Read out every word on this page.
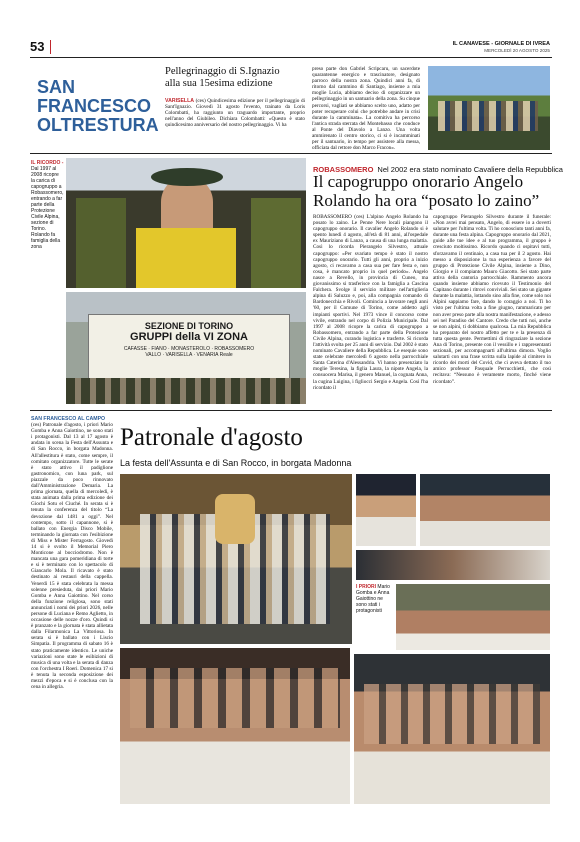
53	IL CANAVESE - GIORNALE DI IVREA
MERCOLEDÌ 20 AGOSTO 2025
SAN
FRANCESCO
OLTRESTURA
Pellegrinaggio di S.Ignazio
alla sua 15esima edizione
VARISELLA (ces) Quindicesima edizione per il pellegrinaggio di Sant'Ignazio. Giovedì 31 agosto l'evento, trainato da Loris Colombatti, ha raggiunto un traguardo importante, proprio nell'anno del Giubileo. Dichiara Colombatti: «Questo è stato quindicesimo anniversario del nostro pellegrinaggio. Vi ha
preso parte don Gabriel Scripcaru, un sacerdote quarantenne energico e trascinatore, designato parroco della nostra zona. Quindici anni fa, di ritorno dal cammino di Santiago, insieme a mia moglie Lucia, abbiamo deciso di organizzare un pellegrinaggio in un santuario della zona. Su cinque percorsi, vagliati se abbiamo scelto uno, adatto per poter recuperare colui che potrebbe andare in crisi durante la camminata». La comitiva ha percorso l'antica strada sterrata del Montebasso che conduce al Ponte del Diavolo a Lanzo. Una volta ammirenato il centro storico, ci si è incamminati per il santuario, in tempo per assistere alla messa, officiata dal rettore don Marco Fracon».
IL RICORDO - Dal 1997 al 2008 ricopre la carica di capogruppo a Robassomero, entrando a far parte della Protezione Civile Alpina, sezione di Torino. Rolando fa famiglia della zona
SEZIONE DI TORINO
GRUPPI della VI ZONA
CAFASSE · FIANO · MONASTEROLO · ROBASSOMERO
VALLO · VARISELLA · VENARIA Reale
ROBASSOMERO Nel 2002 era stato nominato Cavaliere della Repubblica
Il capogruppo onorario Angelo
Rolando ha ora “posato lo zaino”
ROBASSOMERO (ces) L'alpino Angelo Rolando ha posato lo zaino. Le Penne Nere locali piangono il capogruppo onorario. Il cavalier Angelo Rolando si è spento lunedì 4 agosto, all'età di 81 anni, all'ospedale ex Mauriziano di Lanzo, a causa di una lunga malattia. Così lo ricorda Pierangelo Silvestro, attuale capogruppo: «Per svariato tempo è stato il nostro capogruppo onorario. Tutti gli anni, proprio a inizio agosto, ci recavamo a casa sua per fare festa e, non cosa, è mancato proprio in quel periodo». Angelo nasce a Revello, in provincia di Cuneo, ma giovanissimo si trasferisce con la famiglia a Cascina Falchera. Svolge il servizio militare nell'artiglieria alpina di Saluzzo e, poi, alla compagnia comando di Bardonecchia e Rivoli. Comincia a lavorare negli anni '60, per il Comune di Torino, come addetto agli impianti sportivi. Nel 1973 vince il concorso come vivile, entrando nel corpo di Polizia Municipale. Dal 1997 al 2008 ricopre la carica di capogruppo a Robassomero, entrando a far parte della Protezione Civile Alpina, curando logistica e trasferte. Si ricorda l'attività svolta per 25 anni di servizio. Dal 2002 è stato nominato Cavaliere della Repubblica. Le esequie sono state celebrate mercoledì 6 agosto nella parrocchiale Santa Caterina d'Alessandria. Vi hanno presenziato la moglie Teresina, la figlia Laura, la nipote Angela, la consuocera Marisa, il genero Manuel, la cognata Anna, la cugina Luigina, i figliocci Sergio e Angela. Così l'ha ricordato il
capogruppo Pierangelo Silvestro durante il funerale: «Non avrei mai pensato, Angelo, di essere io a doverti salutare per l'ultima volta. Ti ho conosciuto tanti anni fa, durante una festa alpina. Capogruppo onorario dal 2021, guide alle tue idee e al tuo programma, il gruppo è cresciuto moltissimo. Ricordo quando ci ospitavi tutti, sforzavamo il centinaio, a casa tua per il 2 agosto. Hai messo a disposizione la tua esperienza a favore del gruppo di Protezione Civile Alpina, insieme a Dino, Giorgio e il compianto Mauro Giacotto. Sei stato parte attiva della cantoria parrocchiale. Rammento ancora quando insieme abbiamo ricevuto il Testimonio del Capitano durante i ritrovi conviviali. Sei stato un gigante durante la malattia, lottando sino alla fine, come solo noi Alpini sappiamo fare, dando lo coraggio a noi. Ti ho visto per l'ultima volta a fine giugno, rammaricato per non aver preso parte alla nostra manifestazione, e adesso sei nel Paradiso del Cantore. Credo che tutti noi, anche se non alpini, ti dobbiamo qualcosa. La mia Repubblica ha preparato del nostro affetto per te e la presenza di tutta questa gente. Permettimi di ringraziare la sezione Ana di Torino, presente con il vessillo e i rappresentanti sezionali, per accompagnarti all'ultima dimora. Voglio salutarti con una frase scritta sulla lapide al cimitero in ricordo dei morti del Covid, che ci aveva dettato il tuo amico professor Pasquale Perrucchietti, che così recitava: “Nessuno è veramente morto, finché viene ricordato”.
SAN FRANCESCO AL CAMPO
(ces) Patronale d'agosto, i priori Mario Gomba e Anna Gaiottino, ne sono stati i protagonisti. Dal 13 al 17 agosto è andata in scena la Festa dell'Assunta e di San Rocco, in borgata Madonna. All'allestitura è stato, come sempre, il comitato organizzatore. Tutte le serate è stato attivo il padiglione gastronomico, con luna park, sul piazzale da poco rinnovato dall'Amministrazione Demaria. La prima giornata, quella di mercoledì, è stata animata dalla prima edizione dei Giochi Sotu el Ciuché. In serata si è tenuta la conferenza del titolo “La devozione dal 1481 a oggi”. Nel contempo, sotto il capannone, si è ballato con Energia Disco Mobile, terminando la giornata con l'esibizione di Miss e Mister Ferragosto. Giovedì 14 si è svolto il Memorial Piero Monticone al bocciodromo. Non è mancata una gara pomeridiana di torte e si è terminato con lo spettacolo di Giancarlo Mola. Il ricavato è stato destinato ai restauri della cappella. Venerdì 15 è stata celebrata la messa solenne presieduta, dai priori Mario Gomba e Anna Gaiottino. Nel corso della funzione religiosa, sono stati annunciati i nomi dei priori 2026, nelle persone di Luciana e Remo Aglietto, in occasione delle nozze d'oro. Quindi si è pranzato e la giornata è stata allietata dalla Filarmonica La Vittoriosa. In serata si è ballato con i Liscio Simpatia. Il programma di sabato 16 è stato praticamente identico. Le uniche variazioni sono state le esibizioni di musica di una volta e la serata di danza con l'orchestra I Roeri. Domenica 17 si è tenuta la seconda esposizione dei mezzi d'epoca e si è conclusa con la cena in allegria.
Patronale d'agosto
La festa dell'Assunta e di San Rocco, in borgata Madonna
I PRIORI Mario Gomba e Anna Gaiottino ne sono stati i protagonisti
